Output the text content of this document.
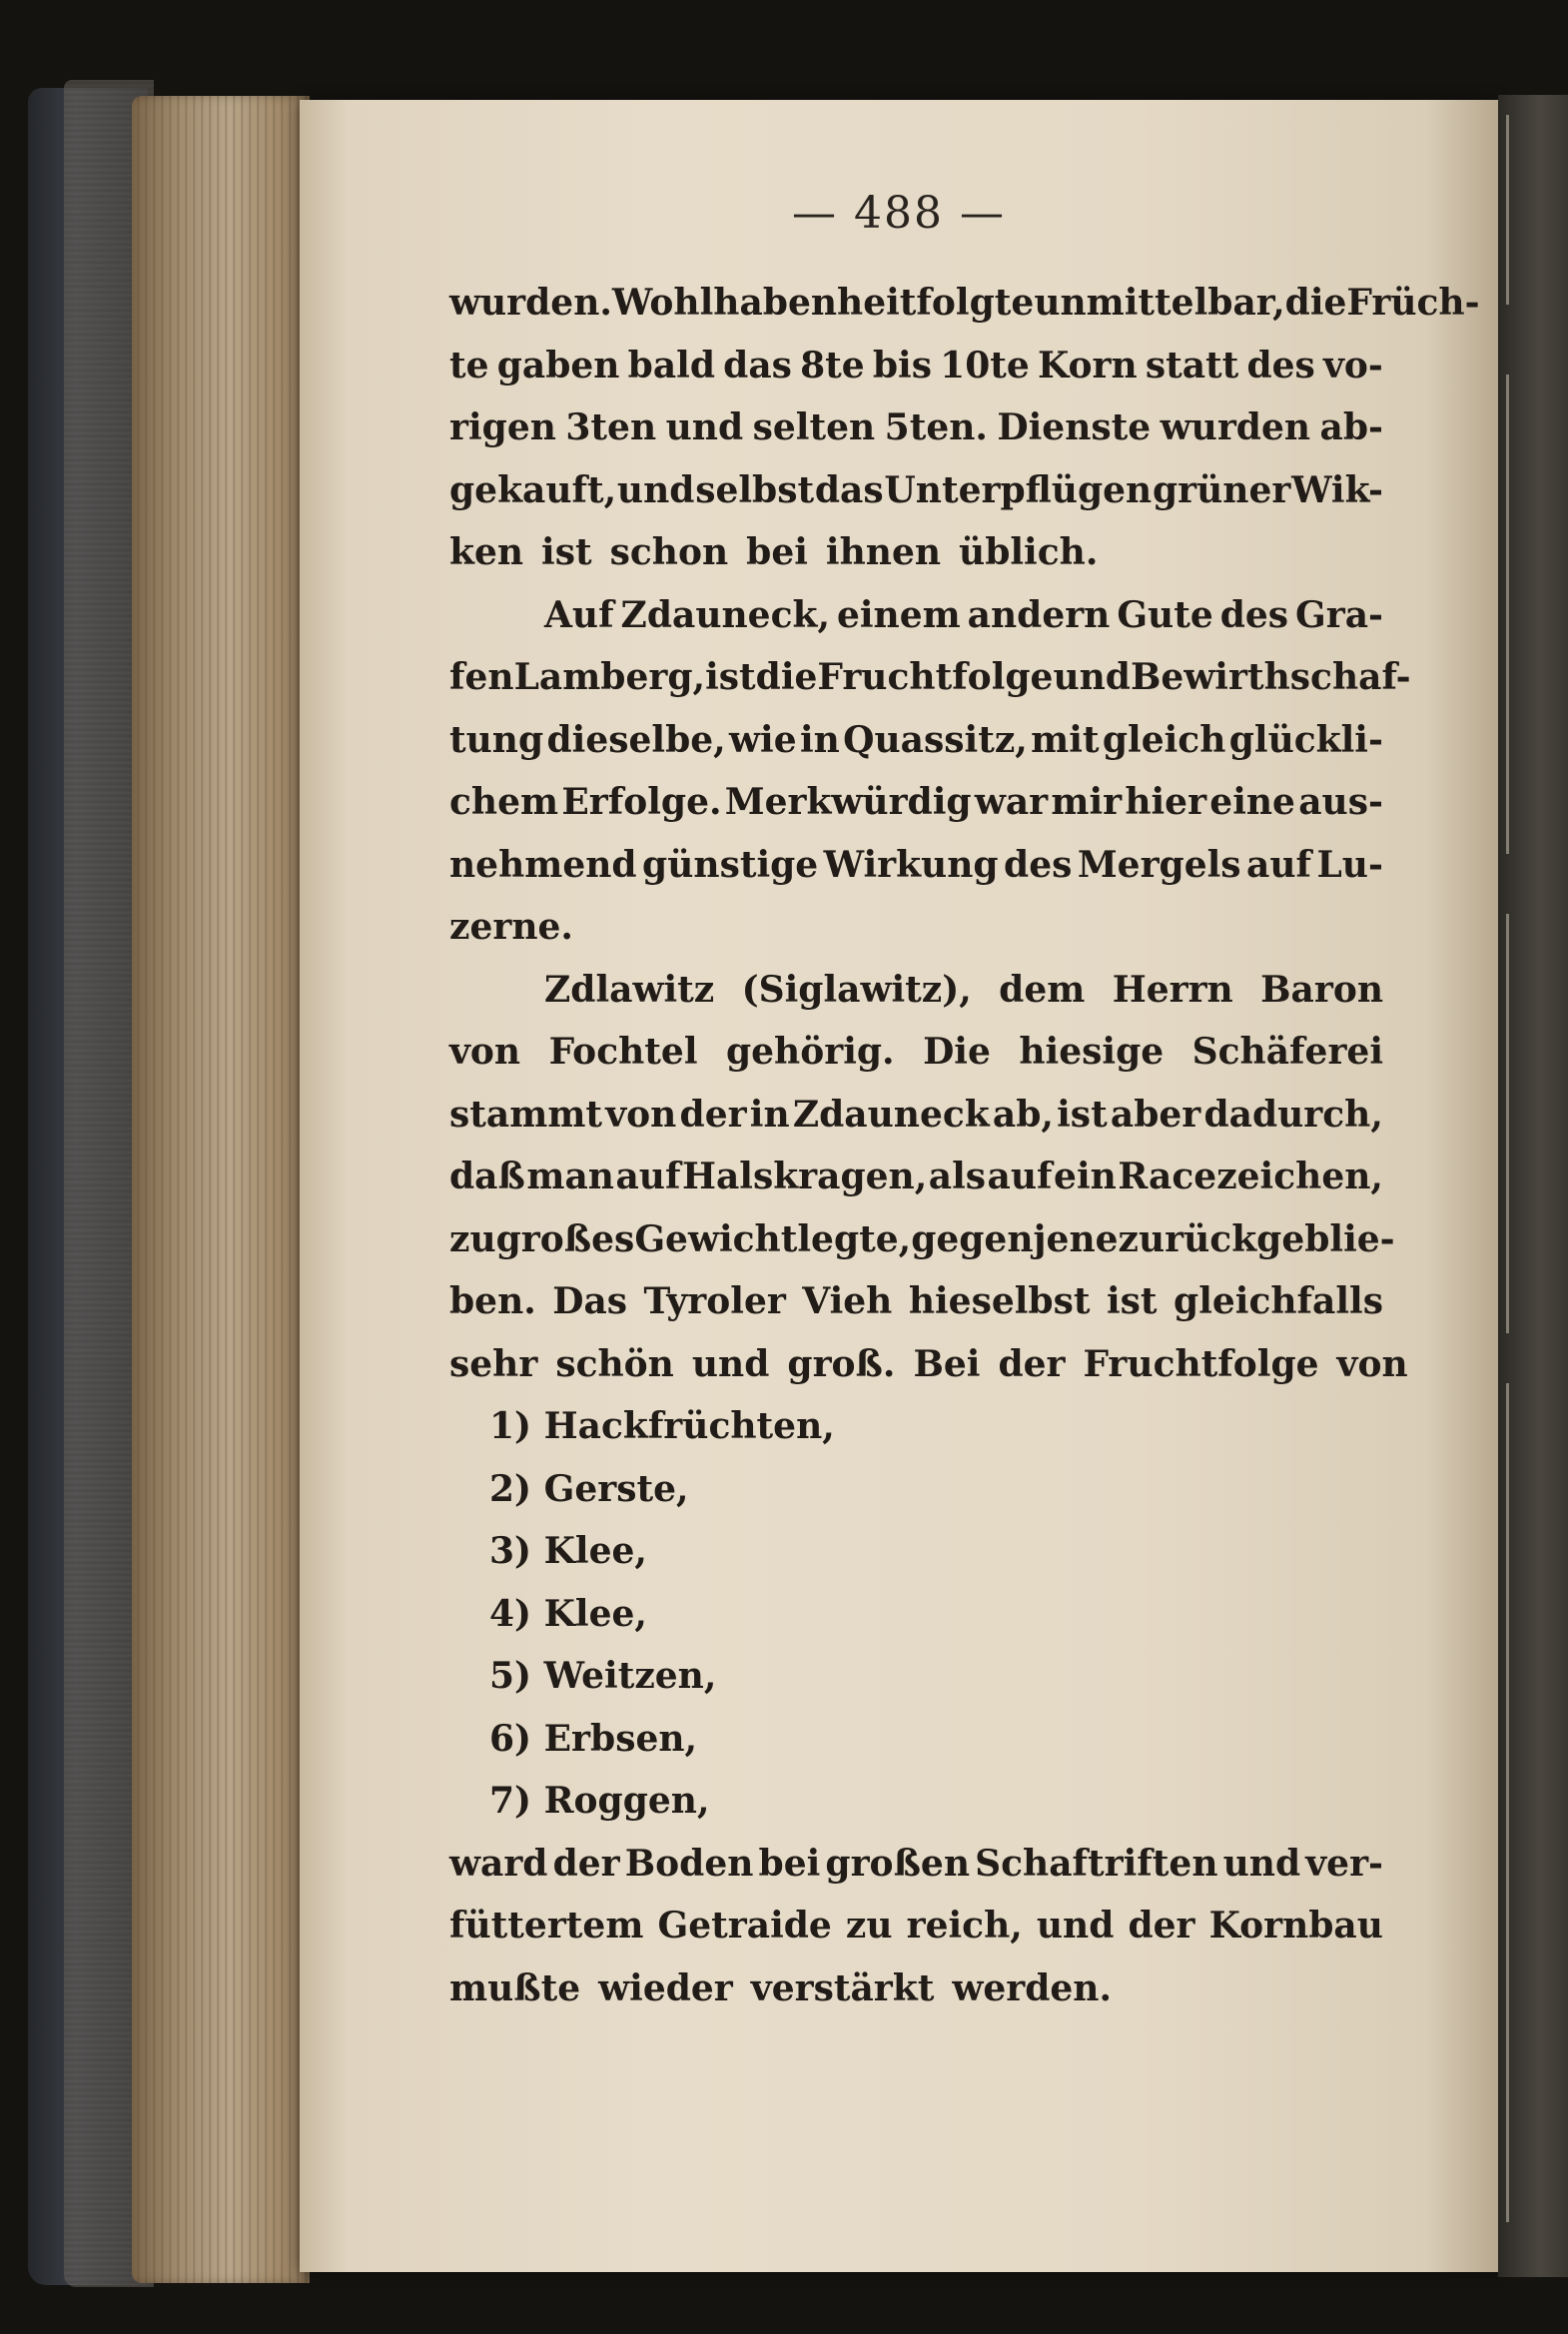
— 488 —
wurden. Wohlhabenheit folgte unmittelbar, die Früch-
te gaben bald das 8te bis 10te Korn statt des vo-
rigen 3ten und selten 5ten. Dienste wurden ab-
gekauft, und selbst das Unterpflügen grüner Wik-
ken ist schon bei ihnen üblich.
Auf Zdauneck, einem andern Gute des Gra-
fen Lamberg, ist die Fruchtfolge und Bewirthschaf-
tung dieselbe, wie in Quassitz, mit gleich glückli-
chem Erfolge. Merkwürdig war mir hier eine aus-
nehmend günstige Wirkung des Mergels auf Lu-
zerne.
Zdlawitz (Siglawitz), dem Herrn Baron
von Fochtel gehörig. Die hiesige Schäferei
stammt von der in Zdauneck ab, ist aber dadurch,
daß man auf Halskragen, als auf ein Racezeichen,
zu großes Gewicht legte, gegen jene zurückgeblie-
ben. Das Tyroler Vieh hieselbst ist gleichfalls
sehr schön und groß. Bei der Fruchtfolge von
1) Hackfrüchten,
2) Gerste,
3) Klee,
4) Klee,
5) Weitzen,
6) Erbsen,
7) Roggen,
ward der Boden bei großen Schaftriften und ver-
füttertem Getraide zu reich, und der Kornbau
mußte wieder verstärkt werden.
